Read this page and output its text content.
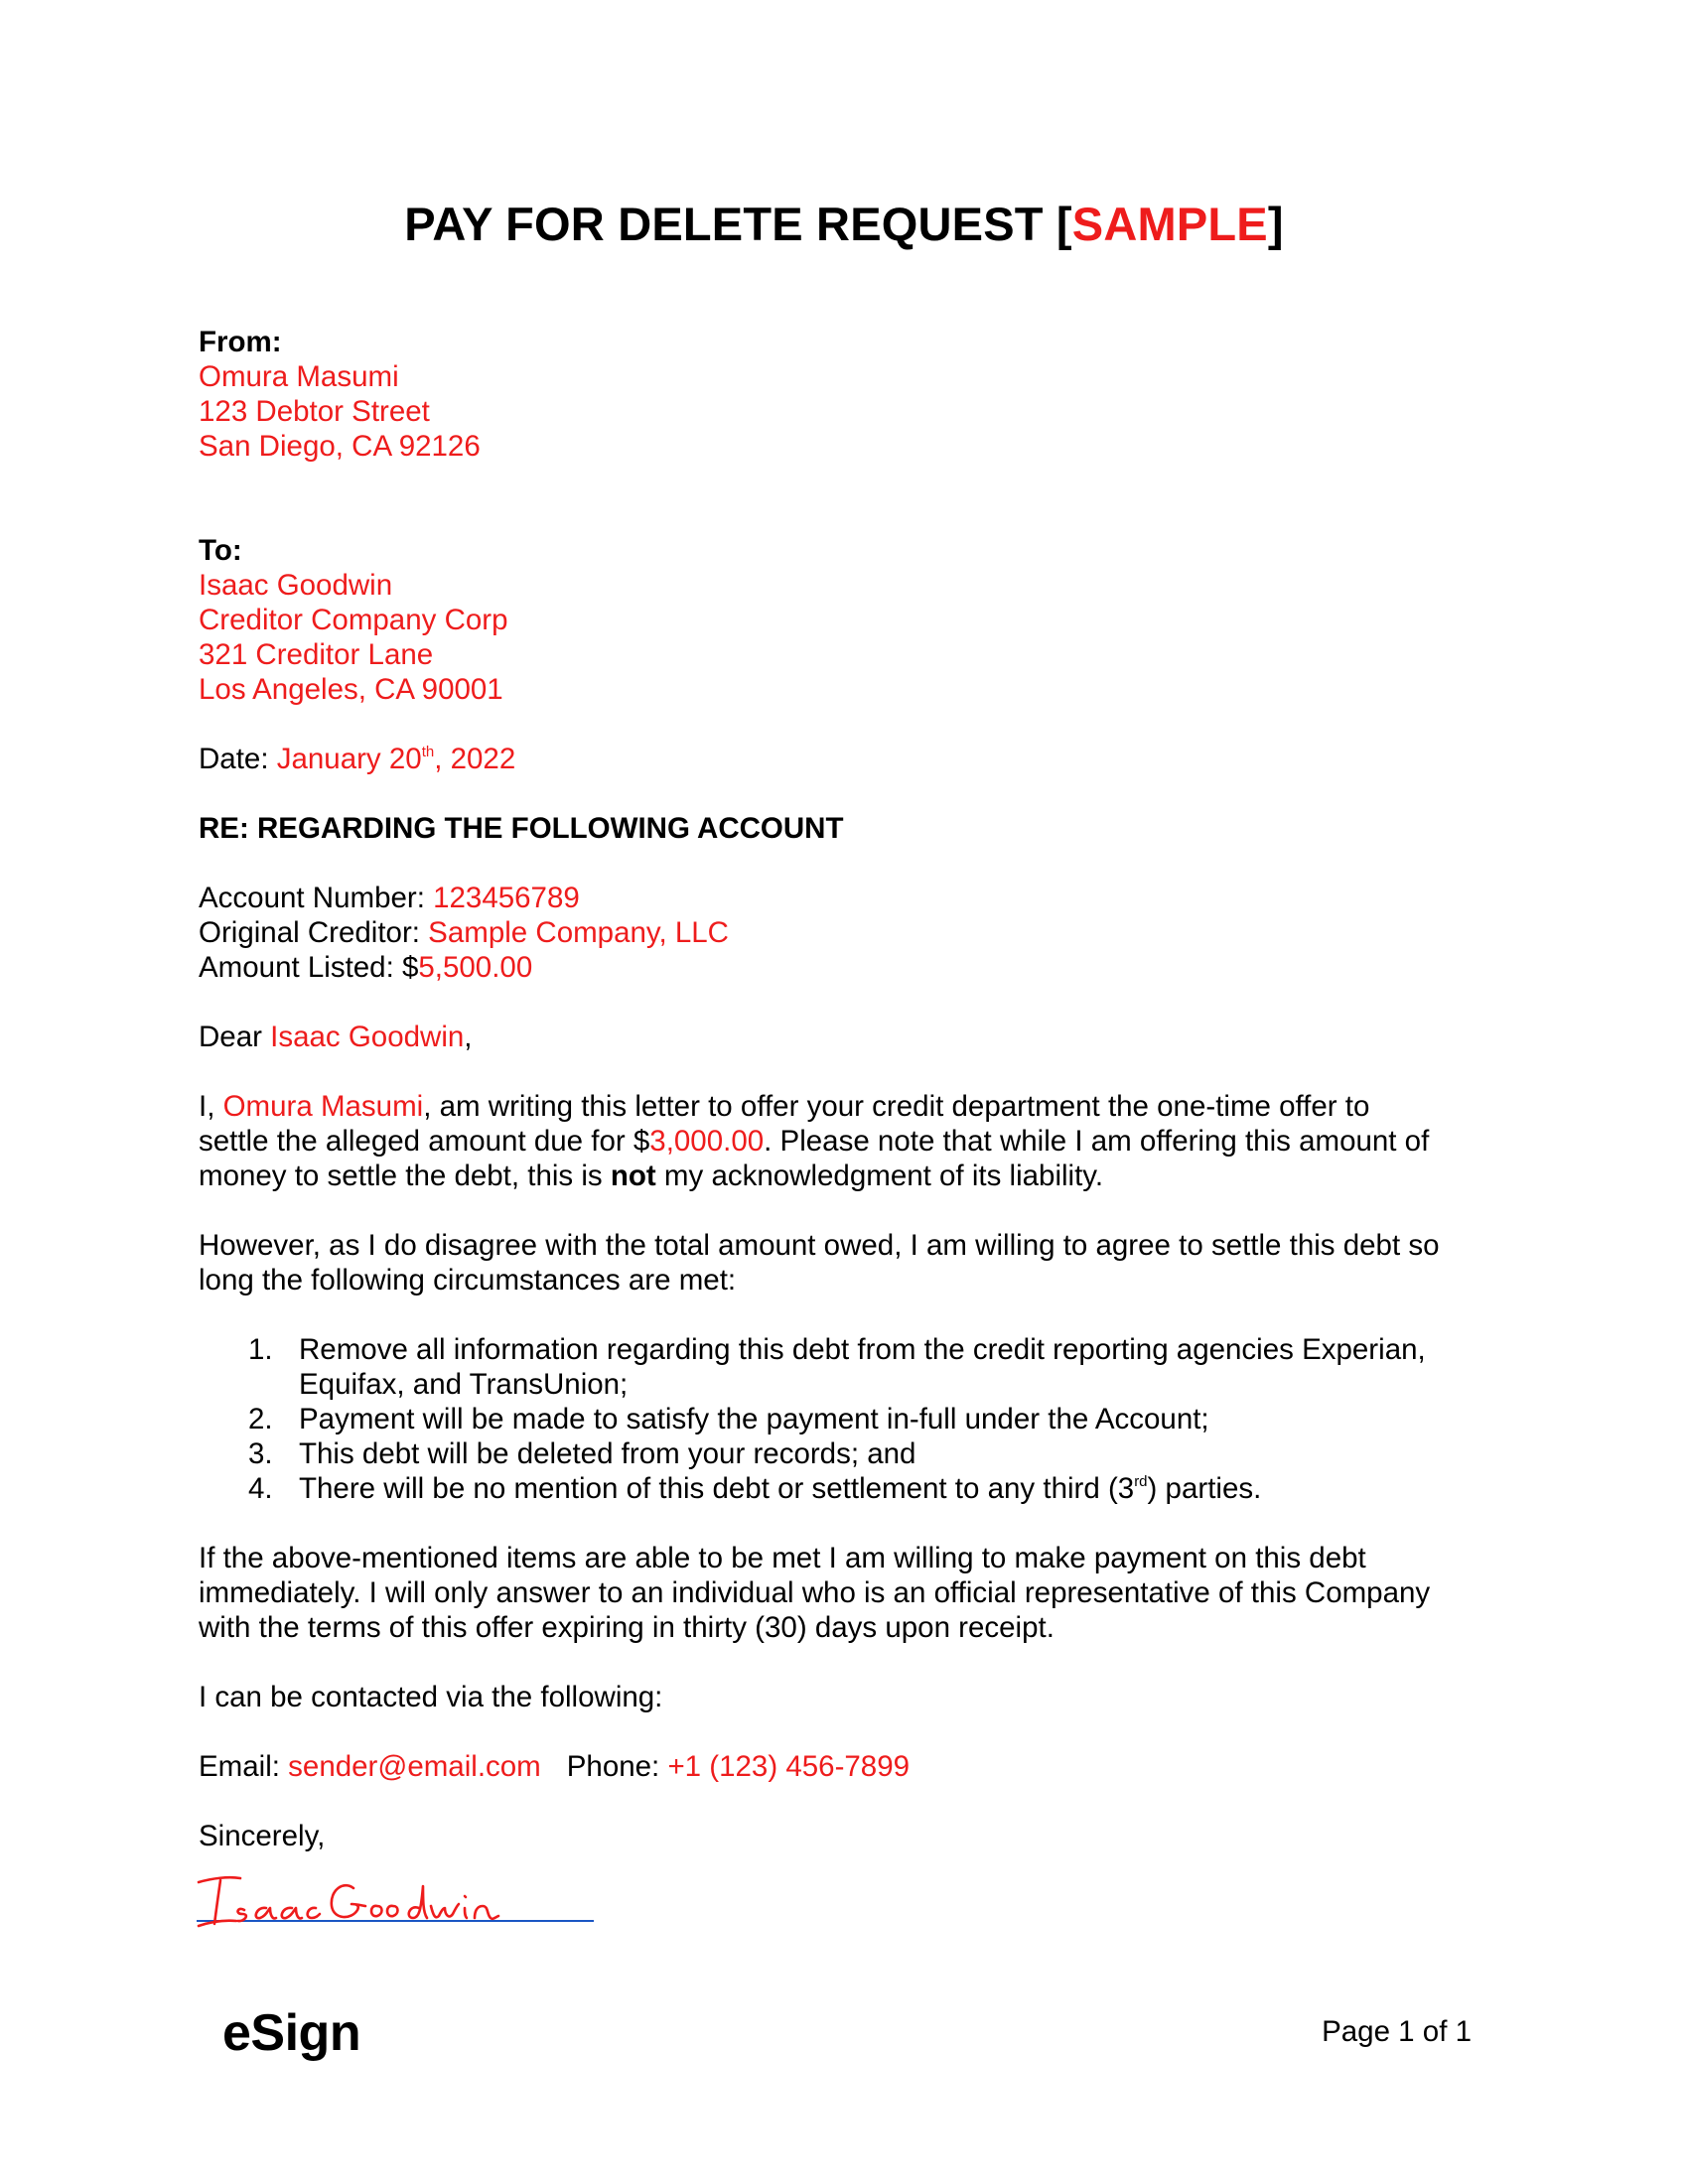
PAY FOR DELETE REQUEST [SAMPLE]
From:
Omura Masumi
123 Debtor Street
San Diego, CA 92126
To:
Isaac Goodwin
Creditor Company Corp
321 Creditor Lane
Los Angeles, CA 90001
Date: January 20th, 2022
RE: REGARDING THE FOLLOWING ACCOUNT
Account Number: 123456789
Original Creditor: Sample Company, LLC
Amount Listed: $5,500.00
Dear Isaac Goodwin,
I, Omura Masumi, am writing this letter to offer your credit department the one-time offer to
settle the alleged amount due for $3,000.00. Please note that while I am offering this amount of
money to settle the debt, this is not my acknowledgment of its liability.
However, as I do disagree with the total amount owed, I am willing to agree to settle this debt so
long the following circumstances are met:
1. Remove all information regarding this debt from the credit reporting agencies Experian,
Equifax, and TransUnion;
2. Payment will be made to satisfy the payment in-full under the Account;
3. This debt will be deleted from your records; and
4. There will be no mention of this debt or settlement to any third (3rd) parties.
If the above-mentioned items are able to be met I am willing to make payment on this debt
immediately. I will only answer to an individual who is an official representative of this Company
with the terms of this offer expiring in thirty (30) days upon receipt.
I can be contacted via the following:
Email: sender@email.com Phone: +1 (123) 456-7899
Sincerely,
eSign	Page 1 of 1
